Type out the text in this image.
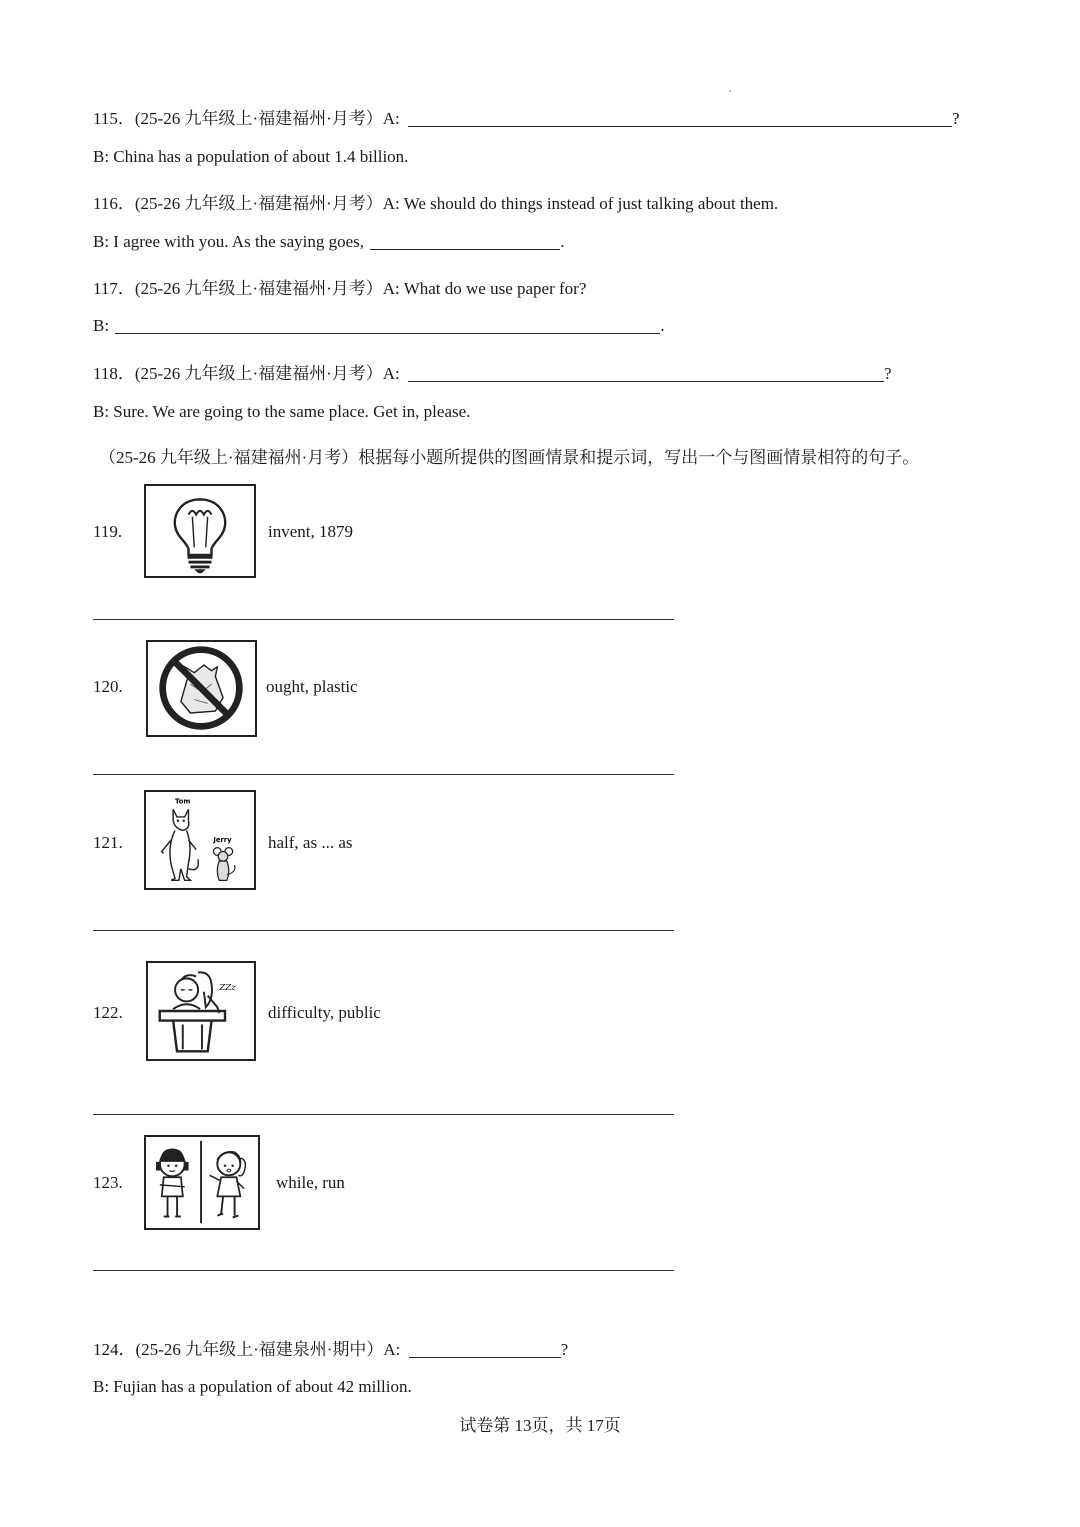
115．(25-26 九年级上·福建福州·月考）A:	?
B: China has a population of about 1.4 billion.
116．(25-26 九年级上·福建福州·月考）A: We should do things instead of just talking about them.
B: I agree with you. As the saying goes,	.
117．(25-26 九年级上·福建福州·月考）A: What do we use paper for?
B:	.
118．(25-26 九年级上·福建福州·月考）A:	?
B: Sure. We are going to the same place. Get in, please.
（25-26 九年级上·福建福州·月考）根据每小题所提供的图画情景和提示词，写出一个与图画情景相符的句子。
119.	invent, 1879
120.	ought, plastic
121.
Tom
Jerry half, as ... as
122.
ZZz
difficulty, public
123.	while, run
124．(25-26 九年级上·福建泉州·期中）A:	?
B: Fujian has a population of about 42 million.
试卷第 13页，共 17页
